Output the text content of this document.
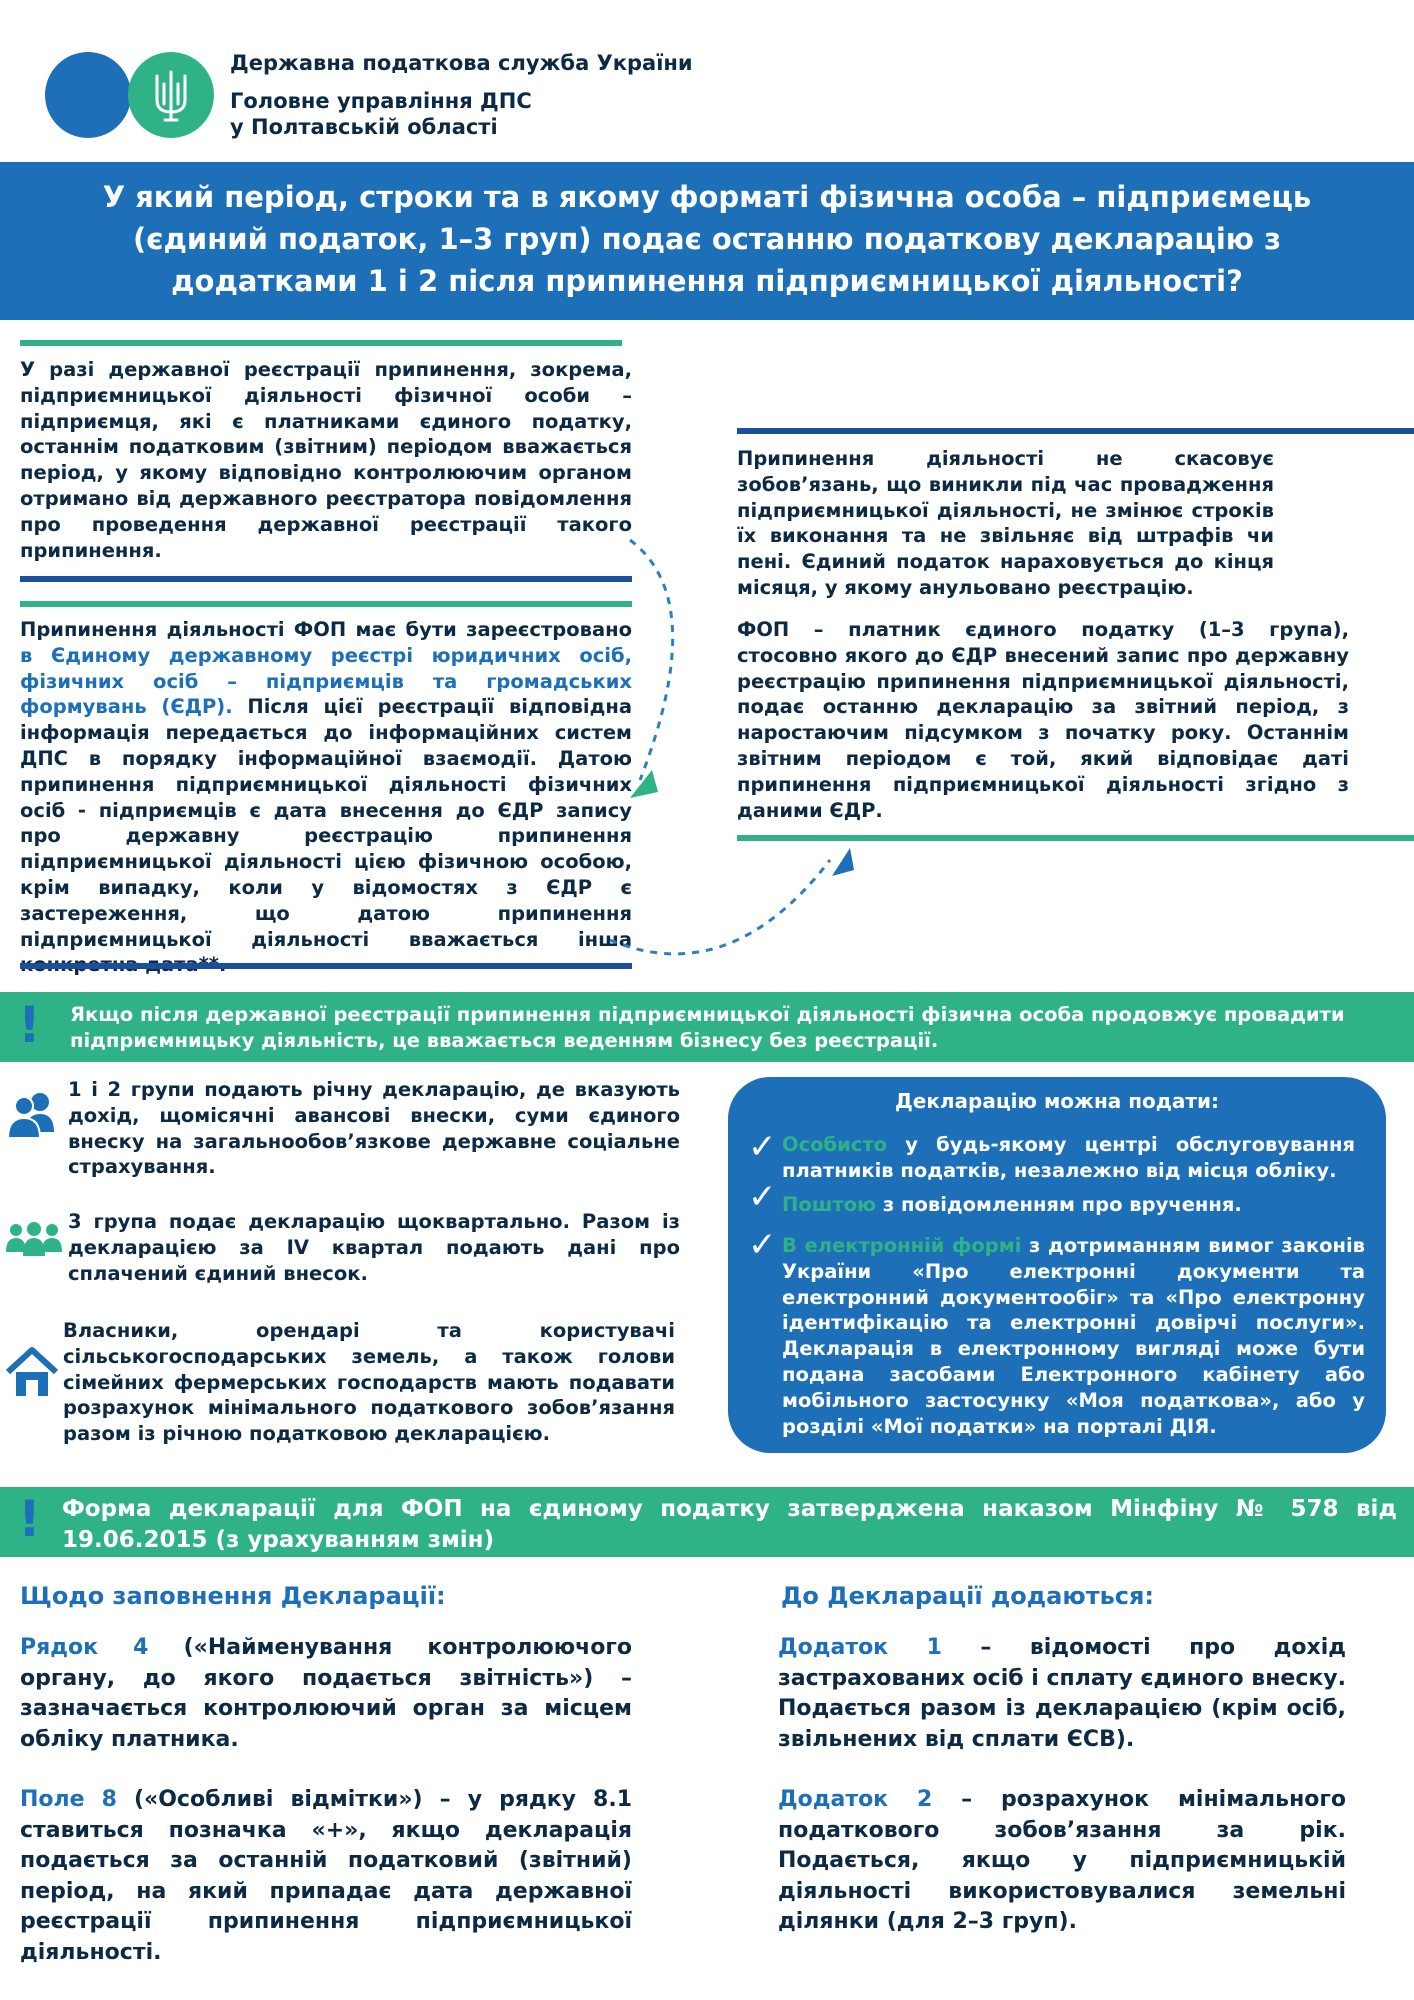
Державна податкова служба України
Головне управління ДПС
у Полтавській області
У який період, строки та в якому форматі фізична особа – підприємець (єдиний податок, 1–3 груп) подає останню податкову декларацію з додатками 1 і 2 після припинення підприємницької діяльності?
У разі державної реєстрації припинення, зокрема, підприємницької діяльності фізичної особи – підприємця, які є платниками єдиного податку, останнім податковим (звітним) періодом вважається період, у якому відповідно контролюючим органом отримано від державного реєстратора повідомлення про проведення державної реєстрації такого припинення.
Припинення діяльності ФОП має бути зареєстровано в Єдиному державному реєстрі юридичних осіб, фізичних осіб – підприємців та громадських формувань (ЄДР). Після цієї реєстрації відповідна інформація передається до інформаційних систем ДПС в порядку інформаційної взаємодії. Датою припинення підприємницької діяльності фізичних осіб - підприємців є дата внесення до ЄДР запису про державну реєстрацію припинення підприємницької діяльності цією фізичною особою, крім випадку, коли у відомостях з ЄДР є застереження, що датою припинення підприємницької діяльності вважається інша
Припинення діяльності не скасовує зобов’язань, що виникли під час провадження підприємницької діяльності, не змінює строків їх виконання та не звільняє від штрафів чи пені. Єдиний податок нараховується до кінця місяця, у якому анульовано реєстрацію.
ФОП – платник єдиного податку (1–3 група), стосовно якого до ЄДР внесений запис про державну реєстрацію припинення підприємницької діяльності, подає останню декларацію за звітний період, з наростаючим підсумком з початку року. Останнім звітним періодом є той, який відповідає даті припинення підприємницької діяльності згідно з даними ЄДР.
! Якщо після державної реєстрації припинення підприємницької діяльності фізична особа продовжує провадити підприємницьку діяльність, це вважається веденням бізнесу без реєстрації.
1 і 2 групи подають річну декларацію, де вказують дохід, щомісячні авансові внески, суми єдиного внеску на загальнообов’язкове державне соціальне страхування.
3 група подає декларацію щоквартально. Разом із декларацією за IV квартал подають дані про сплачений єдиний внесок.
Власники, орендарі та користувачі сільськогосподарських земель, а також голови сімейних фермерських господарств мають подавати розрахунок мінімального податкового зобов’язання разом із річною податковою декларацією.
Декларацію можна подати:
✓ Особисто у будь-якому центрі обслуговування платників податків, незалежно від місця обліку.
✓ Поштою з повідомленням про вручення.
✓ В електронній формі з дотриманням вимог законів України «Про електронні документи та електронний документообіг» та «Про електронну ідентифікацію та електронні довірчі послуги». Декларація в електронному вигляді може бути подана засобами Електронного кабінету або мобільного застосунку «Моя податкова», або у розділі «Мої податки» на порталі ДІЯ.
! Форма декларації для ФОП на єдиному податку затверджена наказом Мінфіну № 578 від 19.06.2015 (з урахуванням змін)
Щодо заповнення Декларації:
Рядок 4 («Найменування контролюючого органу, до якого подається звітність») – зазначається контролюючий орган за місцем обліку платника.
Поле 8 («Особливі відмітки») – у рядку 8.1 ставиться позначка «+», якщо декларація подається за останній податковий (звітний) період, на який припадає дата державної реєстрації припинення підприємницької діяльності.
До Декларації додаються:
Додаток 1 – відомості про дохід застрахованих осіб і сплату єдиного внеску. Подається разом із декларацією (крім осіб, звільнених від сплати ЄСВ).
Додаток 2 – розрахунок мінімального податкового зобов’язання за рік. Подається, якщо у підприємницькій діяльності використовувалися земельні ділянки (для 2–3 груп).
